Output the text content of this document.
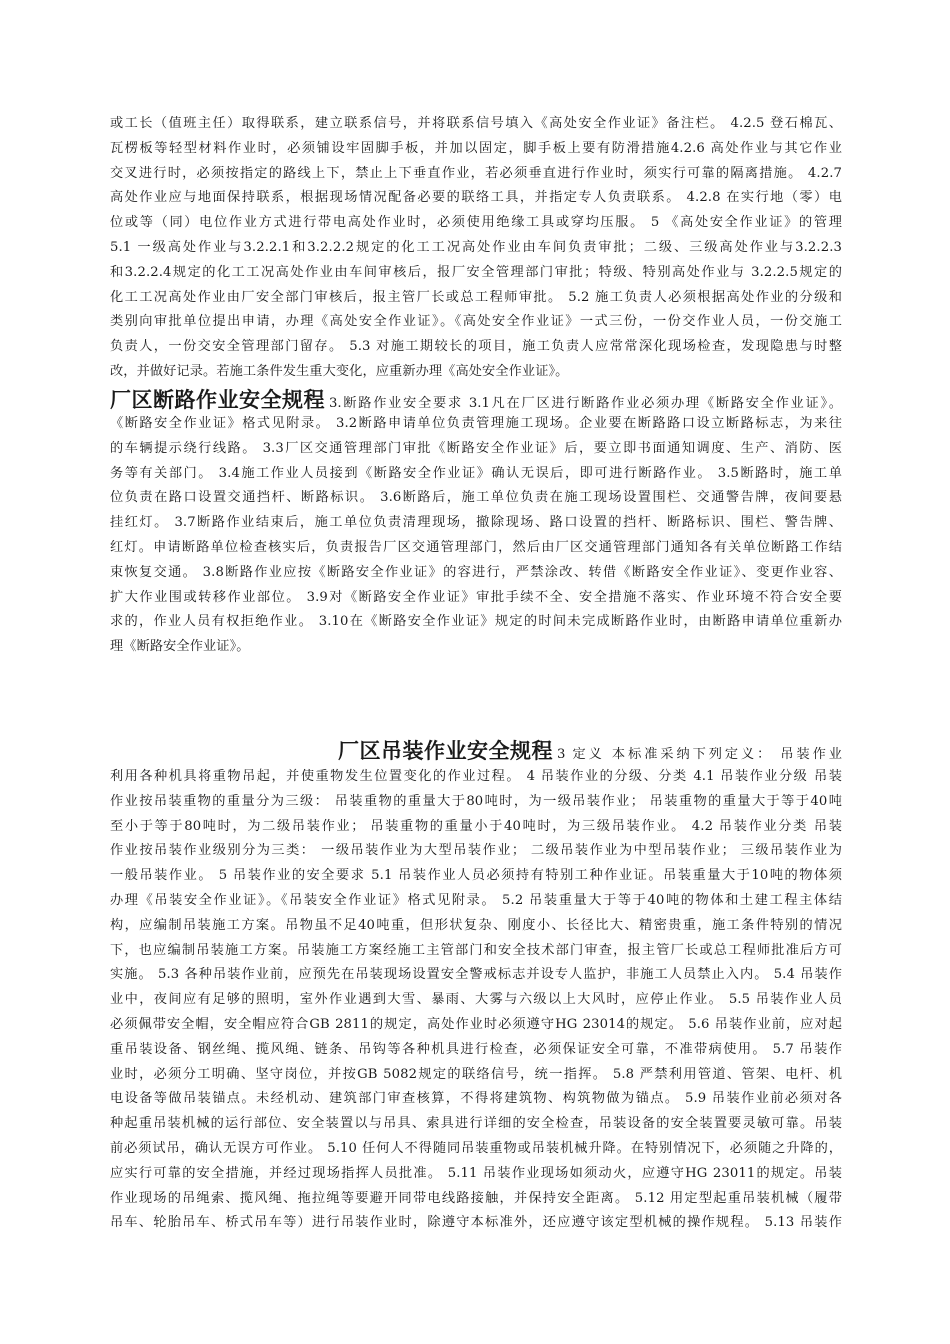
或工长（值班主任）取得联系，建立联系信号，并将联系信号填入《高处安全作业证》备注栏。 4.2.5 登石棉瓦、
瓦楞板等轻型材料作业时，必须铺设牢固脚手板，并加以固定，脚手板上要有防滑措施4.2.6 高处作业与其它作业
交叉进行时，必须按指定的路线上下，禁止上下垂直作业，若必须垂直进行作业时，须实行可靠的隔离措施。 4.2.7
高处作业应与地面保持联系，根据现场情况配备必要的联络工具，并指定专人负责联系。 4.2.8 在实行地（零）电
位或等（同）电位作业方式进行带电高处作业时，必须使用绝缘工具或穿均压服。 5 《高处安全作业证》的管理
5.1 一级高处作业与3.2.2.1和3.2.2.2规定的化工工况高处作业由车间负责审批；二级、三级高处作业与3.2.2.3
和3.2.2.4规定的化工工况高处作业由车间审核后，报厂安全管理部门审批；特级、特别高处作业与 3.2.2.5规定的
化工工况高处作业由厂安全部门审核后，报主管厂长或总工程师审批。 5.2 施工负责人必须根据高处作业的分级和
类别向审批单位提出申请，办理《高处安全作业证》。《高处安全作业证》一式三份，一份交作业人员，一份交施工
负责人，一份交安全管理部门留存。 5.3 对施工期较长的项目，施工负责人应常常深化现场检查，发现隐患与时整
改，并做好记录。若施工条件发生重大变化，应重新办理《高处安全作业证》。
厂区断路作业安全规程 3.断路作业安全要求 3.1凡在厂区进行断路作业必须办理《断路安全作业证》。
《断路安全作业证》格式见附录。 3.2断路申请单位负责管理施工现场。企业要在断路路口设立断路标志，为来往
的车辆提示绕行线路。 3.3厂区交通管理部门审批《断路安全作业证》后，要立即书面通知调度、生产、消防、医
务等有关部门。 3.4施工作业人员接到《断路安全作业证》确认无误后，即可进行断路作业。 3.5断路时，施工单
位负责在路口设置交通挡杆、断路标识。 3.6断路后，施工单位负责在施工现场设置围栏、交通警告牌，夜间要悬
挂红灯。 3.7断路作业结束后，施工单位负责清理现场，撤除现场、路口设置的挡杆、断路标识、围栏、警告牌、
红灯。申请断路单位检查核实后，负责报告厂区交通管理部门，然后由厂区交通管理部门通知各有关单位断路工作结
束恢复交通。 3.8断路作业应按《断路安全作业证》的容进行，严禁涂改、转借《断路安全作业证》、变更作业容、
扩大作业围或转移作业部位。 3.9对《断路安全作业证》审批手续不全、安全措施不落实、作业环境不符合安全要
求的，作业人员有权拒绝作业。 3.10在《断路安全作业证》规定的时间未完成断路作业时，由断路申请单位重新办
理《断路安全作业证》。
厂区吊装作业安全规程 3 定义 本标准采纳下列定义： 吊装作业
利用各种机具将重物吊起，并使重物发生位置变化的作业过程。 4 吊装作业的分级、分类 4.1 吊装作业分级 吊装
作业按吊装重物的重量分为三级： 吊装重物的重量大于80吨时，为一级吊装作业； 吊装重物的重量大于等于40吨
至小于等于80吨时，为二级吊装作业； 吊装重物的重量小于40吨时，为三级吊装作业。 4.2 吊装作业分类 吊装
作业按吊装作业级别分为三类： 一级吊装作业为大型吊装作业； 二级吊装作业为中型吊装作业； 三级吊装作业为
一般吊装作业。 5 吊装作业的安全要求 5.1 吊装作业人员必须持有特别工种作业证。吊装重量大于10吨的物体须
办理《吊装安全作业证》。《吊装安全作业证》格式见附录。 5.2 吊装重量大于等于40吨的物体和土建工程主体结
构，应编制吊装施工方案。吊物虽不足40吨重，但形状复杂、刚度小、长径比大、精密贵重，施工条件特别的情况
下，也应编制吊装施工方案。吊装施工方案经施工主管部门和安全技术部门审查，报主管厂长或总工程师批准后方可
实施。 5.3 各种吊装作业前，应预先在吊装现场设置安全警戒标志并设专人监护，非施工人员禁止入内。 5.4 吊装作
业中，夜间应有足够的照明，室外作业遇到大雪、暴雨、大雾与六级以上大风时，应停止作业。 5.5 吊装作业人员
必须佩带安全帽，安全帽应符合GB 2811的规定，高处作业时必须遵守HG 23014的规定。 5.6 吊装作业前，应对起
重吊装设备、钢丝绳、揽风绳、链条、吊钩等各种机具进行检查，必须保证安全可靠，不准带病使用。 5.7 吊装作
业时，必须分工明确、坚守岗位，并按GB 5082规定的联络信号，统一指挥。 5.8 严禁利用管道、管架、电杆、机
电设备等做吊装锚点。未经机动、建筑部门审查核算，不得将建筑物、构筑物做为锚点。 5.9 吊装作业前必须对各
种起重吊装机械的运行部位、安全装置以与吊具、索具进行详细的安全检查，吊装设备的安全装置要灵敏可靠。吊装
前必须试吊，确认无误方可作业。 5.10 任何人不得随同吊装重物或吊装机械升降。在特别情况下，必须随之升降的，
应实行可靠的安全措施，并经过现场指挥人员批准。 5.11 吊装作业现场如须动火，应遵守HG 23011的规定。吊装
作业现场的吊绳索、揽风绳、拖拉绳等要避开同带电线路接触，并保持安全距离。 5.12 用定型起重吊装机械（履带
吊车、轮胎吊车、桥式吊车等）进行吊装作业时，除遵守本标准外，还应遵守该定型机械的操作规程。 5.13 吊装作
